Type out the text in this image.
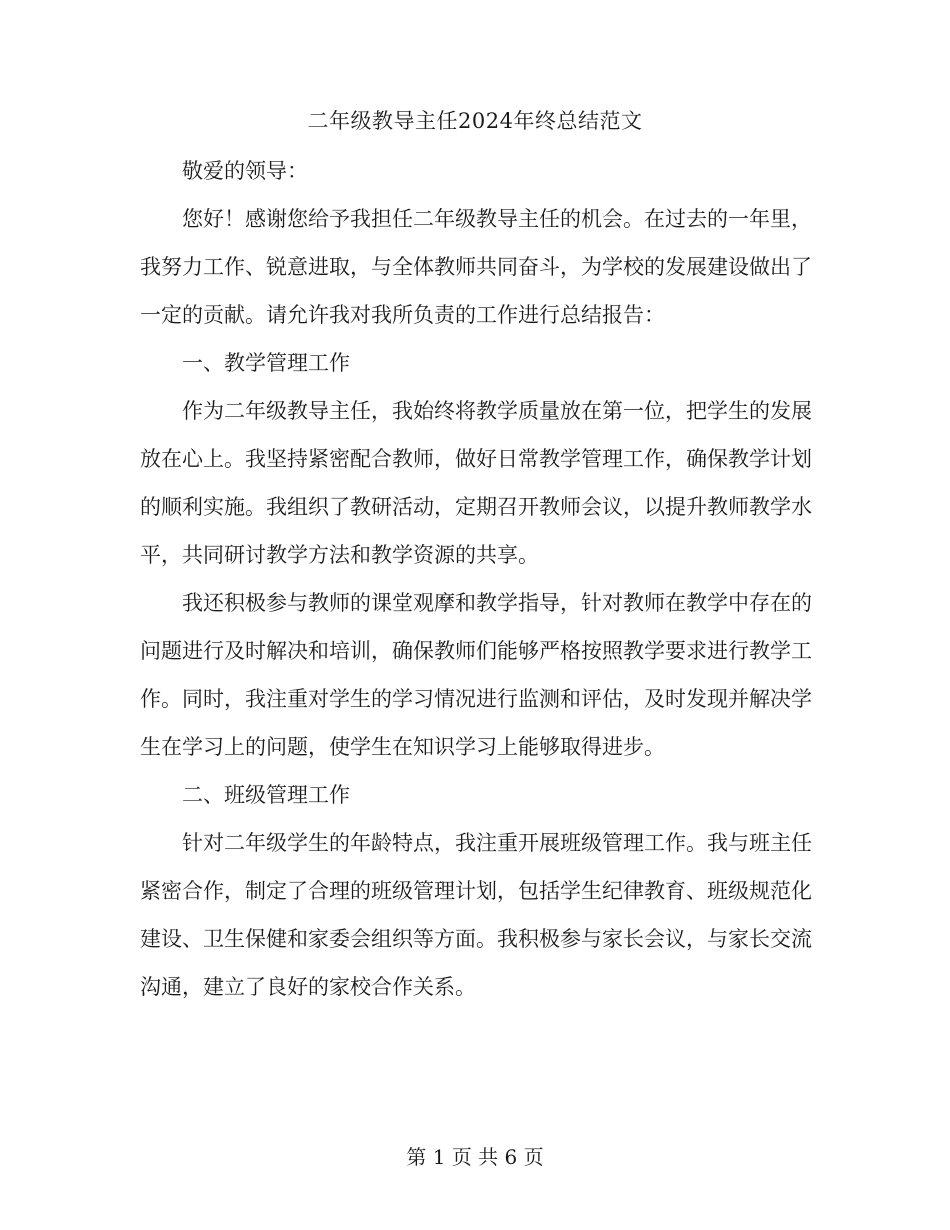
二年级教导主任2024年终总结范文

敬爱的领导：

您好！感谢您给予我担任二年级教导主任的机会。在过去的一年里，我努力工作、锐意进取，与全体教师共同奋斗，为学校的发展建设做出了一定的贡献。请允许我对我所负责的工作进行总结报告：

一、教学管理工作

作为二年级教导主任，我始终将教学质量放在第一位，把学生的发展放在心上。我坚持紧密配合教师，做好日常教学管理工作，确保教学计划的顺利实施。我组织了教研活动，定期召开教师会议，以提升教师教学水平，共同研讨教学方法和教学资源的共享。

我还积极参与教师的课堂观摩和教学指导，针对教师在教学中存在的问题进行及时解决和培训，确保教师们能够严格按照教学要求进行教学工作。同时，我注重对学生的学习情况进行监测和评估，及时发现并解决学生在学习上的问题，使学生在知识学习上能够取得进步。

二、班级管理工作

针对二年级学生的年龄特点，我注重开展班级管理工作。我与班主任紧密合作，制定了合理的班级管理计划，包括学生纪律教育、班级规范化建设、卫生保健和家委会组织等方面。我积极参与家长会议，与家长交流沟通，建立了良好的家校合作关系。

第 1 页 共 6 页
